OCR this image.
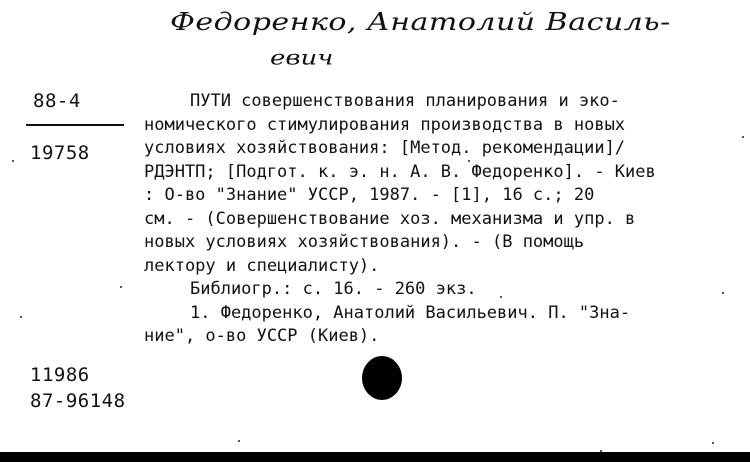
Федоренко, Анатолий Василь-
евич
88-4
19758
11986
87-96148
ПУТИ совершенствования планирования и эко-
номического стимулирования производства в новых
условиях хозяйствования: [Метод. рекомендации]/
РДЭНТП; [Подгот. к. э. н. А. В. Федоренко]. - Киев
: О-во "Знание" УССР, 1987. - [1], 16 с.; 20
см. - (Совершенствование хоз. механизма и упр. в
новых условиях хозяйствования). - (В помощь
лектору и специалисту).
Библиогр.: с. 16. - 260 экз.
1. Федоренко, Анатолий Васильевич. П. "Зна-
ние", о-во УССР (Киев).
